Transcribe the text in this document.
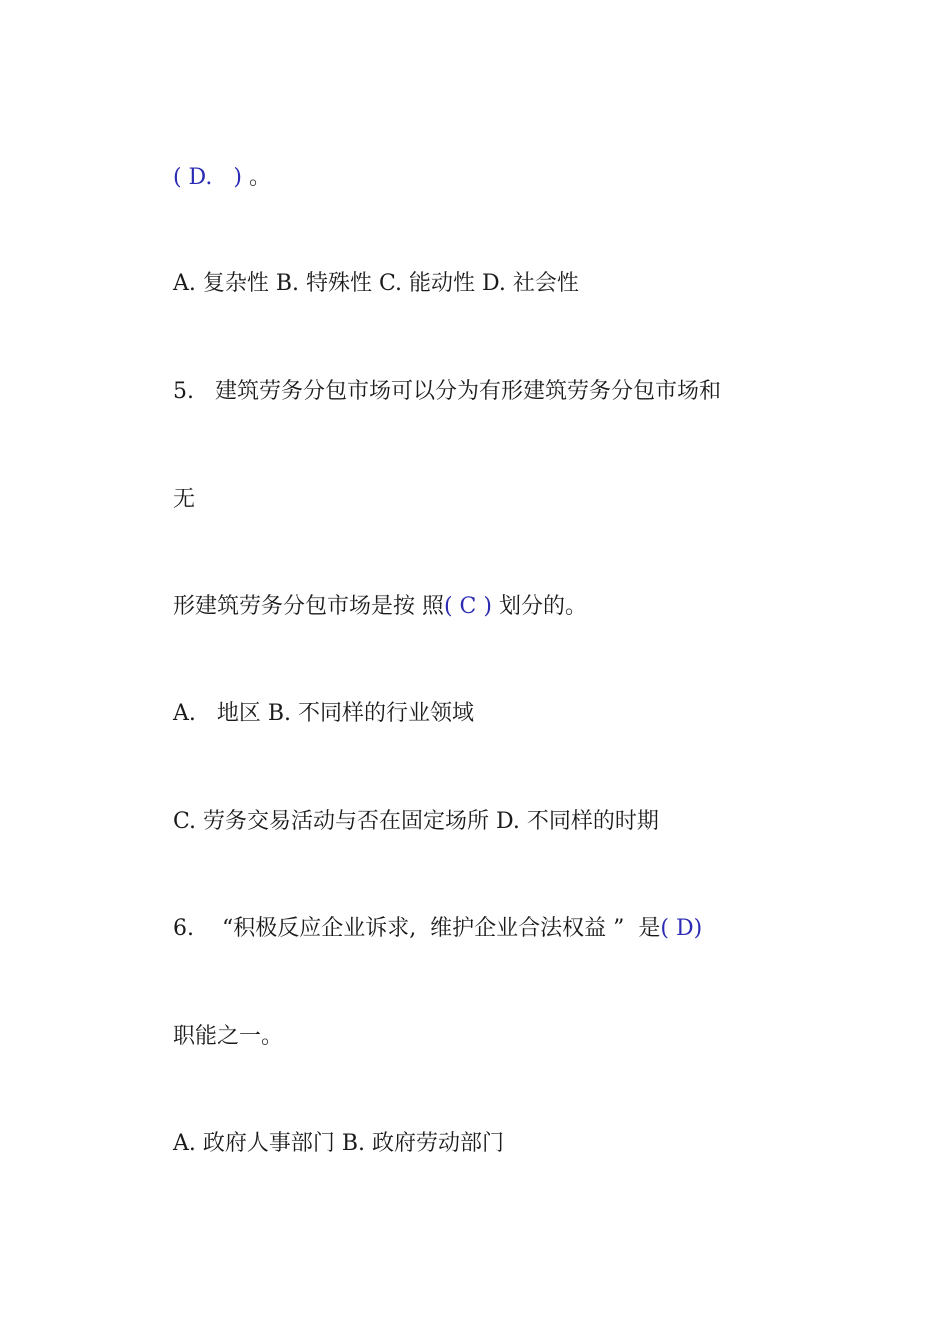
( D.   ) 。

A. 复杂性 B. 特殊性 C. 能动性 D. 社会性

5.   建筑劳务分包市场可以分为有形建筑劳务分包市场和

无

形建筑劳务分包市场是按 照( C ) 划分的。

A.   地区 B. 不同样的行业领域

C. 劳务交易活动与否在固定场所 D. 不同样的时期

6.    “积极反应企业诉求,  维护企业合法权益 ”  是( D)

职能之一。

A. 政府人事部门 B. 政府劳动部门
